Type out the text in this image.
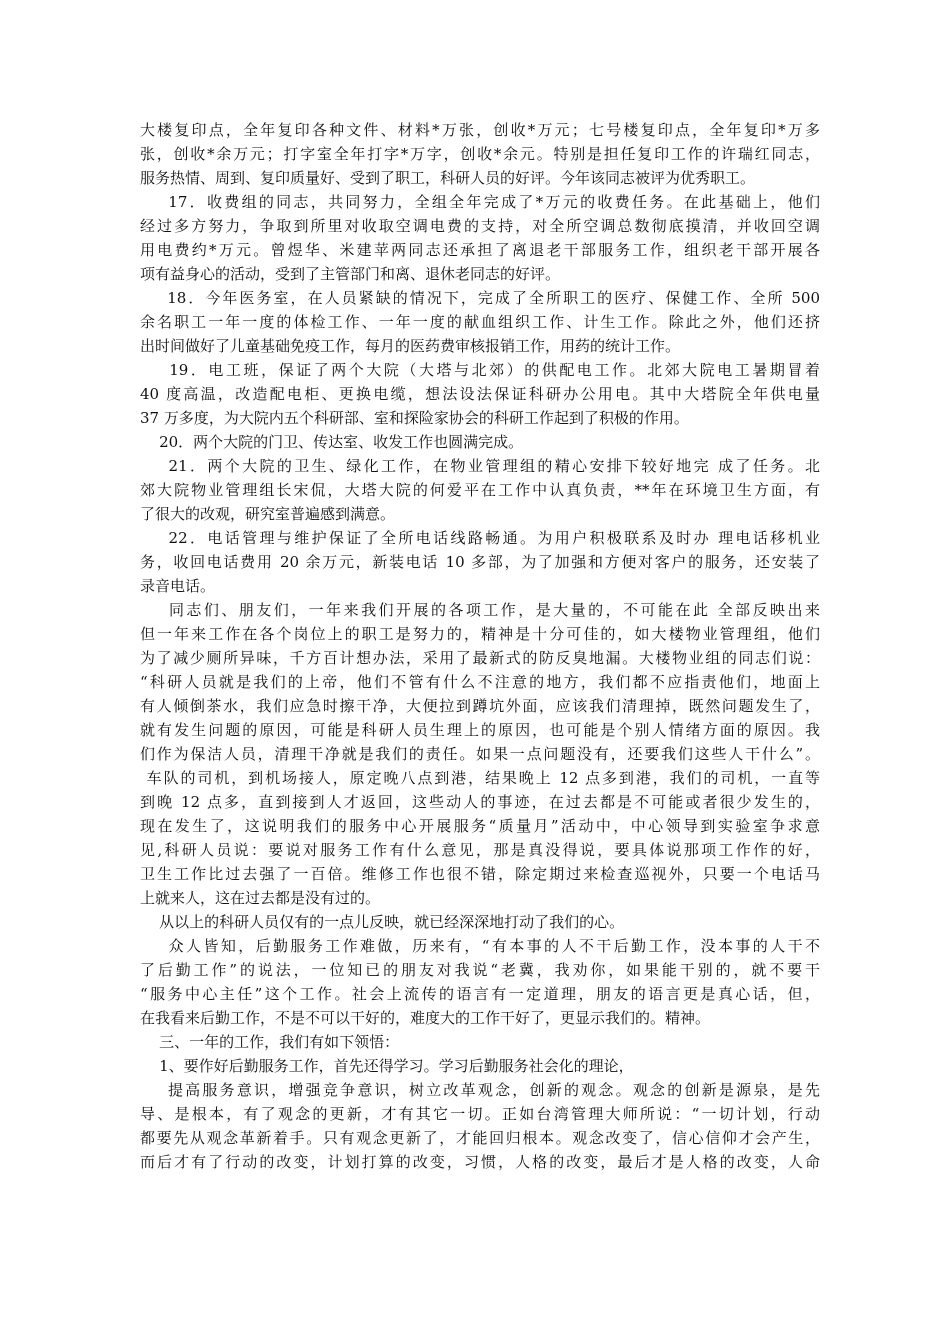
大楼复印点，全年复印各种文件、材料*万张，创收*万元；七号楼复印点，全年复印*万多
张，创收*余万元；打字室全年打字*万字，创收*余元。特别是担任复印工作的许瑞红同志，
服务热情、周到、复印质量好、受到了职工，科研人员的好评。今年该同志被评为优秀职工。
17．收费组的同志，共同努力，全组全年完成了*万元的收费任务。在此基础上，他们
经过多方努力，争取到所里对收取空调电费的支持，对全所空调总数彻底摸清，并收回空调
用电费约*万元。曾煜华、米建苹两同志还承担了离退老干部服务工作，组织老干部开展各
项有益身心的活动，受到了主管部门和离、退休老同志的好评。
18．今年医务室，在人员紧缺的情况下，完成了全所职工的医疗、保健工作、全所 500
余名职工一年一度的体检工作、一年一度的献血组织工作、计生工作。除此之外，他们还挤
出时间做好了儿童基础免疫工作，每月的医药费审核报销工作，用药的统计工作。
19．电工班，保证了两个大院（大塔与北郊）的供配电工作。北郊大院电工暑期冒着
40 度高温，改造配电柜、更换电缆，想法设法保证科研办公用电。其中大塔院全年供电量
37 万多度，为大院内五个科研部、室和探险家协会的科研工作起到了积极的作用。
20．两个大院的门卫、传达室、收发工作也圆满完成。
21．两个大院的卫生、绿化工作，在物业管理组的精心安排下较好地完 成了任务。北
郊大院物业管理组长宋侃，大塔大院的何爱平在工作中认真负责，**年在环境卫生方面，有
了很大的改观，研究室普遍感到满意。
22．电话管理与维护保证了全所电话线路畅通。为用户积极联系及时办 理电话移机业
务，收回电话费用 20 余万元，新装电话 10 多部，为了加强和方便对客户的服务，还安装了
录音电话。
同志们、朋友们，一年来我们开展的各项工作，是大量的，不可能在此 全部反映出来
但一年来工作在各个岗位上的职工是努力的，精神是十分可佳的，如大楼物业管理组，他们
为了减少厕所异味，千方百计想办法，采用了最新式的防反臭地漏。大楼物业组的同志们说：
“科研人员就是我们的上帝，他们不管有什么不注意的地方，我们都不应指责他们，地面上
有人倾倒茶水，我们应急时擦干净，大便拉到蹲坑外面，应该我们清理掉，既然问题发生了，
就有发生问题的原因，可能是科研人员生理上的原因，也可能是个别人情绪方面的原因。我
们作为保洁人员，清理干净就是我们的责任。如果一点问题没有，还要我们这些人干什么”。
车队的司机，到机场接人，原定晚八点到港，结果晚上 12 点多到港，我们的司机，一直等
到晚 12 点多，直到接到人才返回，这些动人的事迹，在过去都是不可能或者很少发生的，
现在发生了，这说明我们的服务中心开展服务“质量月”活动中，中心领导到实验室争求意
见,科研人员说：要说对服务工作有什么意见，那是真没得说，要具体说那项工作作的好，
卫生工作比过去强了一百倍。维修工作也很不错，除定期过来检查巡视外，只要一个电话马
上就来人，这在过去都是没有过的。
从以上的科研人员仅有的一点儿反映，就已经深深地打动了我们的心。
众人皆知，后勤服务工作难做，历来有，“有本事的人不干后勤工作，没本事的人干不
了后勤工作”的说法，一位知已的朋友对我说“老冀，我劝你，如果能干别的，就不要干
“服务中心主任”这个工作。社会上流传的语言有一定道理，朋友的语言更是真心话，但，
在我看来后勤工作，不是不可以干好的，难度大的工作干好了，更显示我们的。精神。
三、一年的工作，我们有如下领悟：
1、要作好后勤服务工作，首先还得学习。学习后勤服务社会化的理论，
提高服务意识，增强竞争意识，树立改革观念，创新的观念。观念的创新是源泉，是先
导、是根本，有了观念的更新，才有其它一切。正如台湾管理大师所说：“一切计划，行动
都要先从观念革新着手。只有观念更新了，才能回归根本。观念改变了，信心信仰才会产生，
而后才有了行动的改变，计划打算的改变，习惯，人格的改变，最后才是人格的改变，人命
